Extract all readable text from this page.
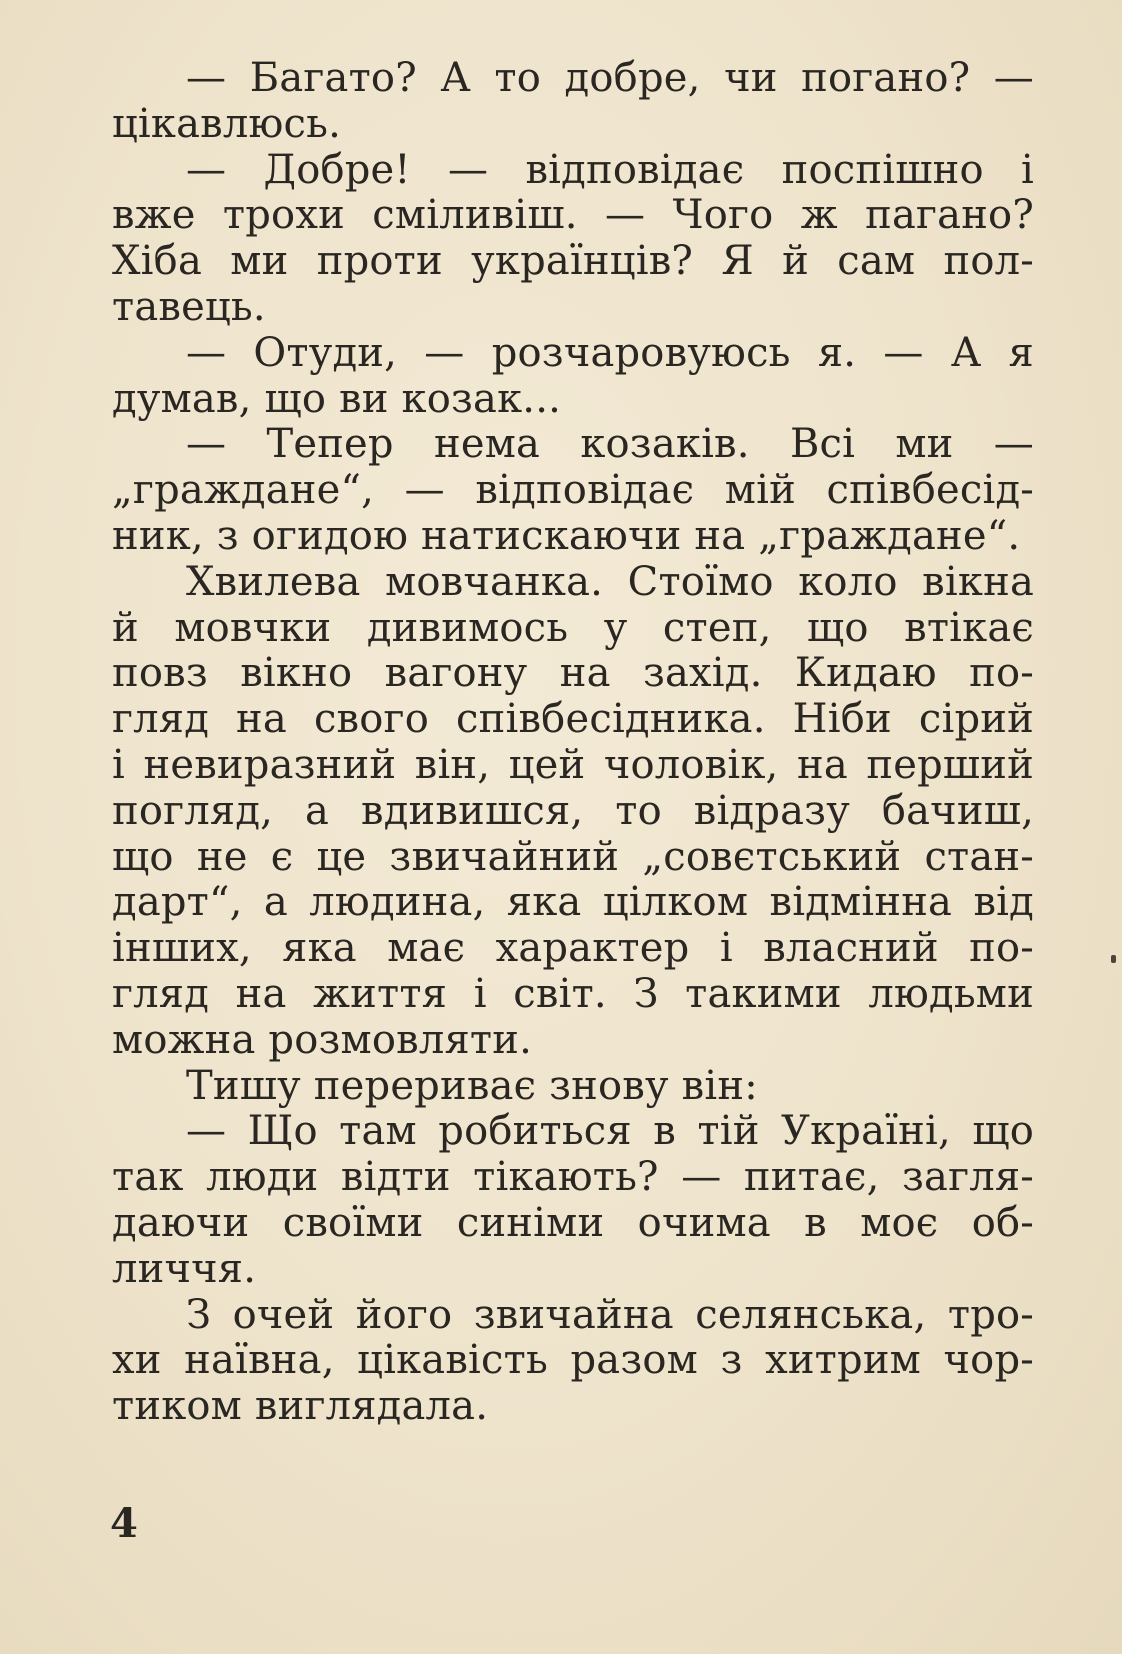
— Багато? А то добре, чи погано? —
цікавлюсь.
— Добре! — відповідає поспішно і
вже трохи сміливіш. — Чого ж пагано?
Хіба ми проти українців? Я й сам пол-
тавець.
— Отуди, — розчаровуюсь я. — А я
думав, що ви козак...
— Тепер нема козаків. Всі ми —
„граждане“, — відповідає мій співбесід-
ник, з огидою натискаючи на „граждане“.
Хвилева мовчанка. Стоїмо коло вікна
й мовчки дивимось у степ, що втікає
повз вікно вагону на захід. Кидаю по-
гляд на свого співбесідника. Ніби сірий
і невиразний він, цей чоловік, на перший
погляд, а вдивишся, то відразу бачиш,
що не є це звичайний „совєтський стан-
дарт“, а людина, яка цілком відмінна від
інших, яка має характер і власний по-
гляд на життя і світ. З такими людьми
можна розмовляти.
Тишу перериває знову він:
— Що там робиться в тій Україні, що
так люди відти тікають? — питає, загля-
даючи своїми синіми очима в моє об-
личчя.
З очей його звичайна селянська, тро-
хи наївна, цікавість разом з хитрим чор-
тиком виглядала.
4
